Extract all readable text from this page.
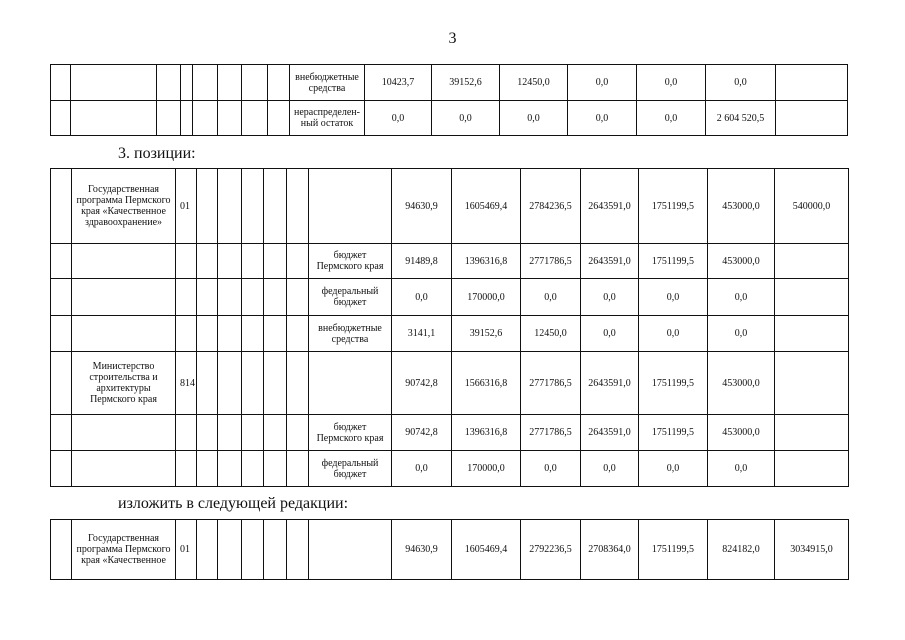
3
								внебюджетные средства	10423,7	39152,6	12450,0	0,0	0,0	0,0	
								нераспределен-ный остаток	0,0	0,0	0,0	0,0	0,0	2 604 520,5	
3. позиции:
	Государственная программа Пермского края «Качественное здравоохранение»	01							94630,9	1605469,4	2784236,5	2643591,0	1751199,5	453000,0	540000,0
								бюджет Пермского края	91489,8	1396316,8	2771786,5	2643591,0	1751199,5	453000,0	
								федеральный бюджет	0,0	170000,0	0,0	0,0	0,0	0,0	
								внебюджетные средства	3141,1	39152,6	12450,0	0,0	0,0	0,0	
	Министерство строительства и архитектуры Пермского края	814							90742,8	1566316,8	2771786,5	2643591,0	1751199,5	453000,0	
								бюджет Пермского края	90742,8	1396316,8	2771786,5	2643591,0	1751199,5	453000,0	
								федеральный бюджет	0,0	170000,0	0,0	0,0	0,0	0,0	
изложить в следующей редакции:
	Государственная программа Пермского края «Качественное	01							94630,9	1605469,4	2792236,5	2708364,0	1751199,5	824182,0	3034915,0
